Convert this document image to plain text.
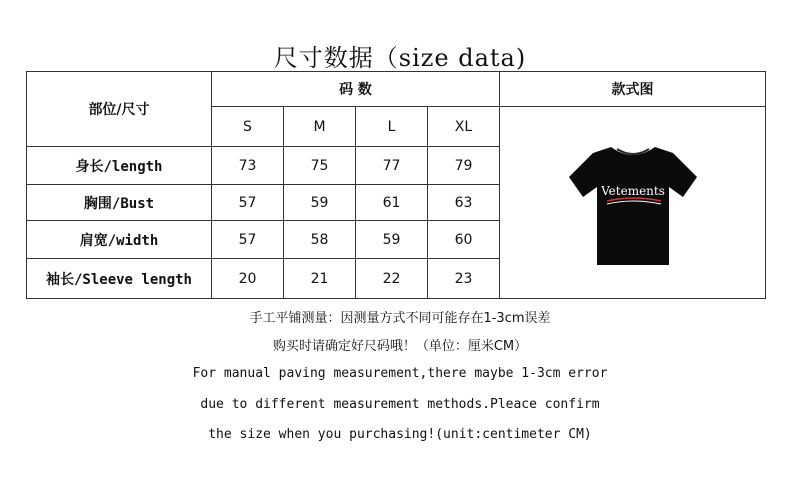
尺寸数据（size data)
部位/尺寸	码 数				款式图
	S	M	L	XL	Vetements

身长/length	73	75	77	79	
胸围/Bust	57	59	61	63	
肩宽/width	57	58	59	60	
袖长/Sleeve length	20	21	22	23	
手工平铺测量：因测量方式不同可能存在1-3cm误差
购买时请确定好尺码哦！（单位：厘米CM）
For manual paving measurement,there maybe 1-3cm error
due to different measurement methods.Pleace confirm
the size when you purchasing!(unit:centimeter CM)
